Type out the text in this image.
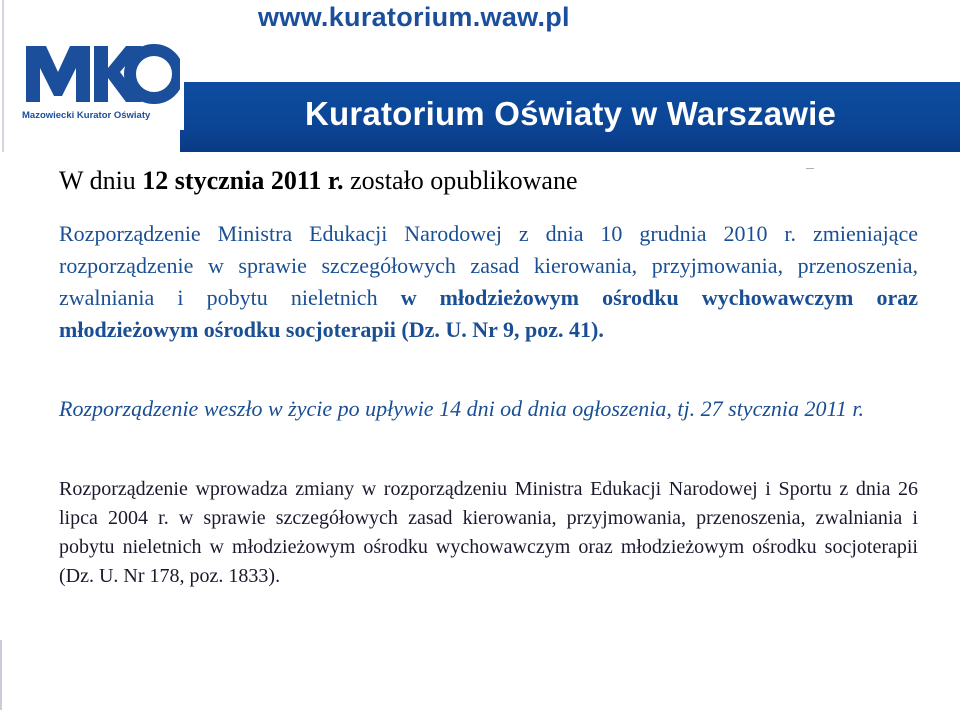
www.kuratorium.waw.pl
Kuratorium Oświaty w Warszawie
Mazowiecki Kurator Oświaty
W dniu 12 stycznia 2011 r. zostało opublikowane
Rozporządzenie Ministra Edukacji Narodowej z dnia 10 grudnia 2010 r. zmieniające rozporządzenie w sprawie szczegółowych zasad kierowania, przyjmowania, przenoszenia, zwalniania i pobytu nieletnich w młodzieżowym ośrodku wychowawczym oraz młodzieżowym ośrodku socjoterapii (Dz. U. Nr 9, poz. 41).
Rozporządzenie weszło w życie po upływie 14 dni od dnia ogłoszenia, tj. 27 stycznia 2011 r.
Rozporządzenie wprowadza zmiany w rozporządzeniu Ministra Edukacji Narodowej i Sportu z dnia 26 lipca 2004 r. w sprawie szczegółowych zasad kierowania, przyjmowania, przenoszenia, zwalniania i pobytu nieletnich w młodzieżowym ośrodku wychowawczym oraz młodzieżowym ośrodku socjoterapii (Dz. U. Nr 178, poz. 1833).
